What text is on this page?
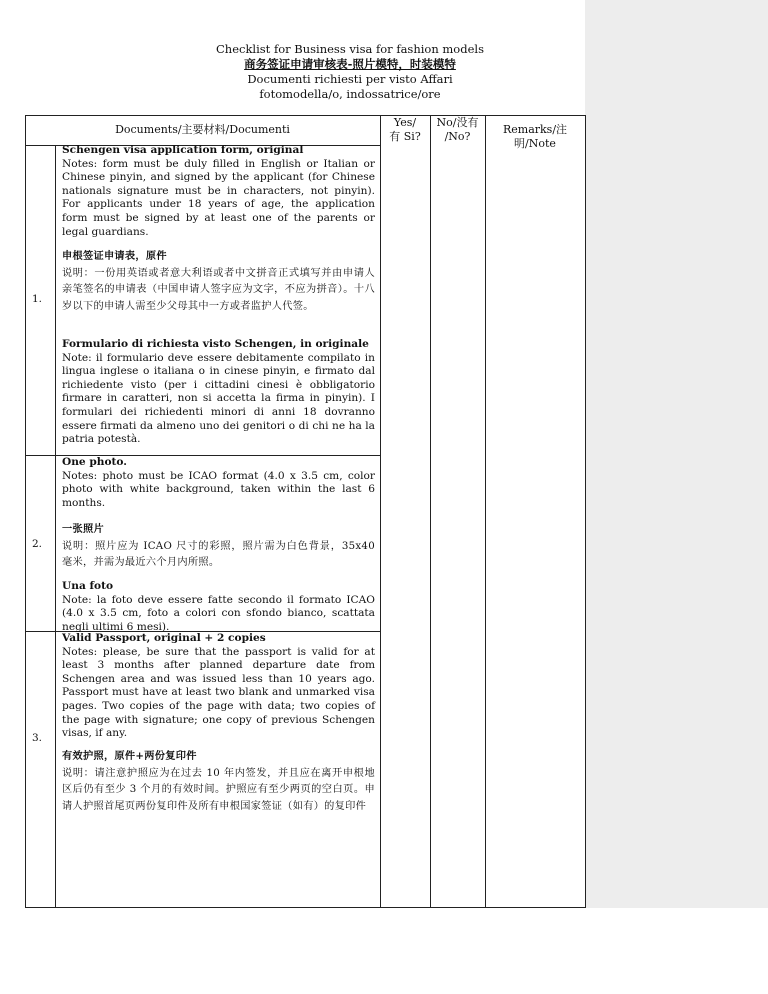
Checklist for Business visa for fashion models
商务签证申请审核表-照片模特，时装模特
Documenti richiesti per visto Affari
fotomodella/o, indossatrice/ore
Documents/主要材料/Documenti
Yes/
有 Si?
No/没有
/No?
Remarks/注明/Note
1.
Schengen visa application form, original
Notes: form must be duly filled in English or Italian or Chinese pinyin, and signed by the applicant (for Chinese nationals signature must be in characters, not pinyin). For applicants under 18 years of age, the application form must be signed by at least one of the parents or legal guardians.
申根签证申请表，原件
说明：一份用英语或者意大利语或者中文拼音正式填写并由申请人亲笔签名的申请表（中国申请人签字应为文字，不应为拼音）。十八岁以下的申请人需至少父母其中一方或者监护人代签。
Formulario di richiesta visto Schengen, in originale
Note: il formulario deve essere debitamente compilato in lingua inglese o italiana o in cinese pinyin, e firmato dal richiedente visto (per i cittadini cinesi è obbligatorio firmare in caratteri, non si accetta la firma in pinyin). I formulari dei richiedenti minori di anni 18 dovranno essere firmati da almeno uno dei genitori o di chi ne ha la patria potestà.
2.
One photo.
Notes: photo must be ICAO format (4.0 x 3.5 cm, color photo with white background, taken within the last 6 months.
一张照片
说明：照片应为 ICAO 尺寸的彩照，照片需为白色背景，35x40 毫米，并需为最近六个月内所照。
Una foto
Note: la foto deve essere fatte secondo il formato ICAO (4.0 x 3.5 cm, foto a colori con sfondo bianco, scattata negli ultimi 6 mesi).
3.
Valid Passport, original + 2 copies
Notes: please, be sure that the passport is valid for at least 3 months after planned departure date from Schengen area and was issued less than 10 years ago. Passport must have at least two blank and unmarked visa pages. Two copies of the page with data; two copies of the page with signature; one copy of previous Schengen visas, if any.
有效护照，原件+两份复印件
说明：请注意护照应为在过去 10 年内签发，并且应在离开申根地区后仍有至少 3 个月的有效时间。护照应有至少两页的空白页。申请人护照首尾页两份复印件及所有申根国家签证（如有）的复印件
